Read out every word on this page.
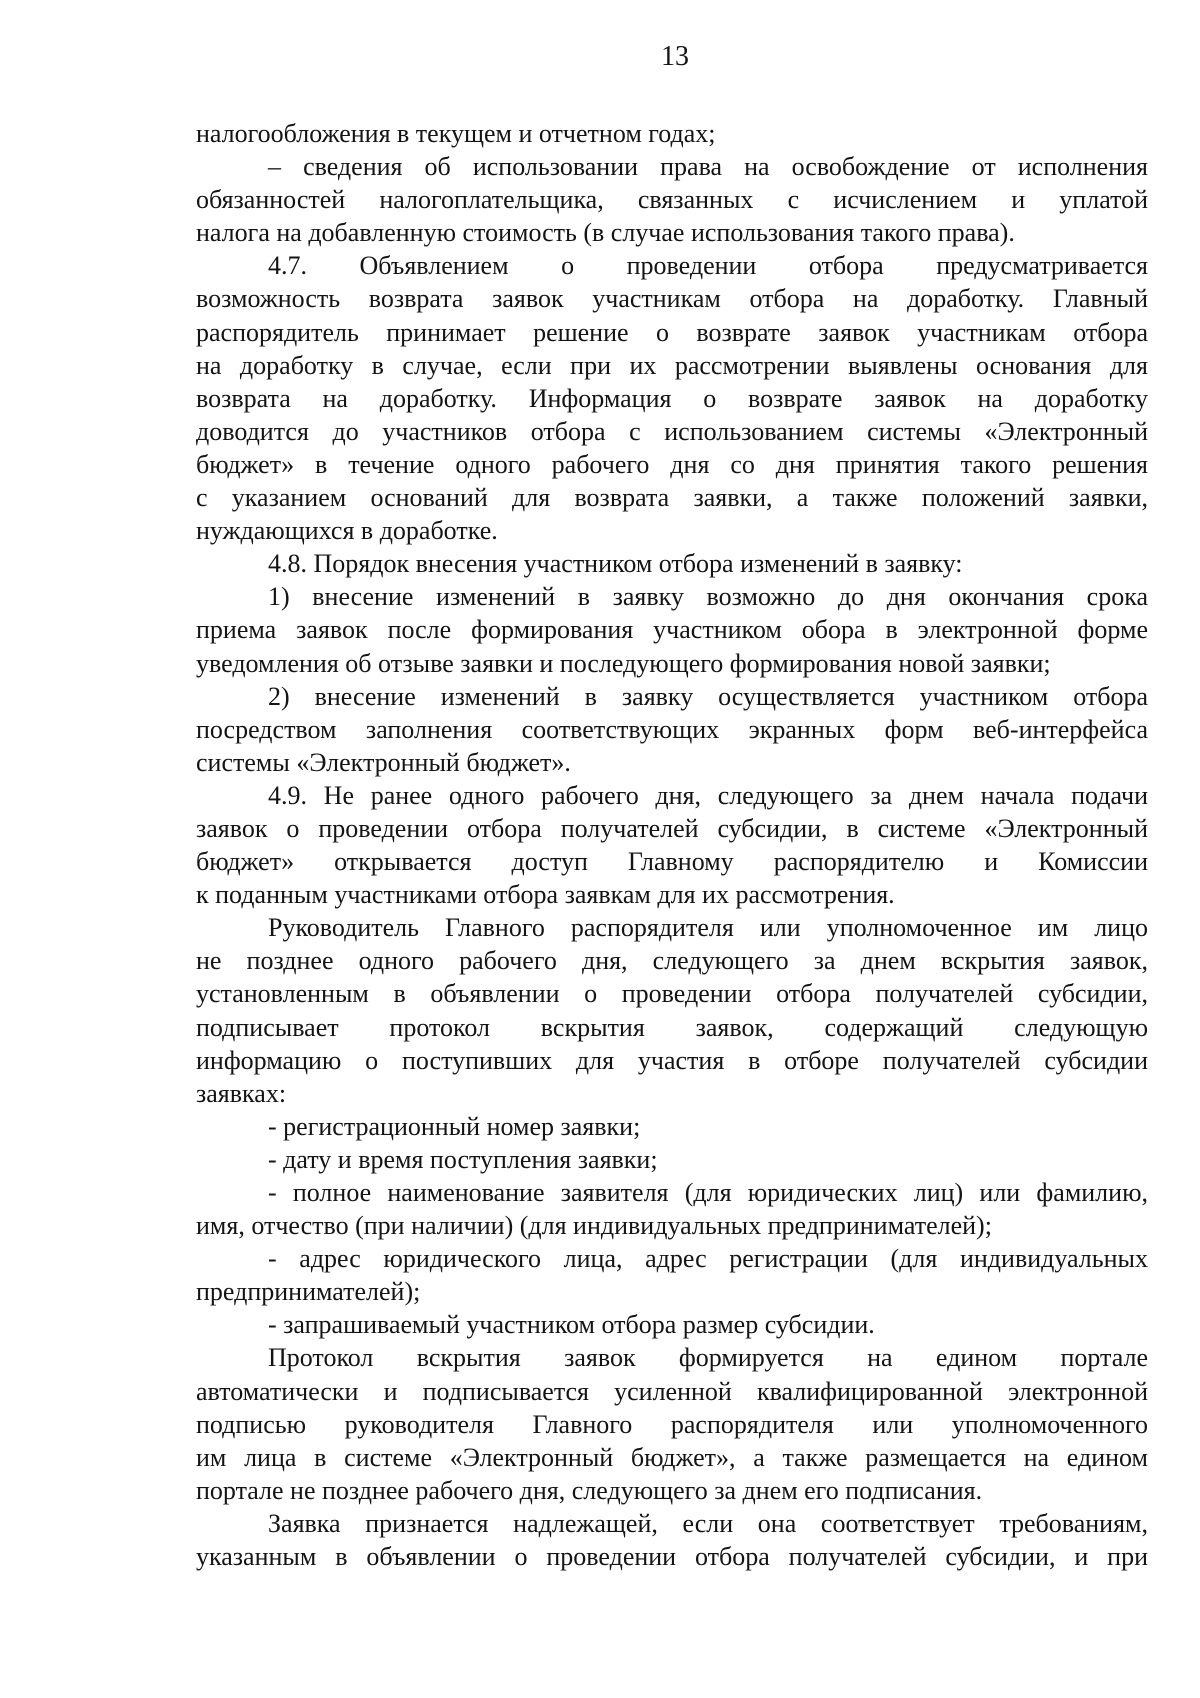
13

налогообложения в текущем и отчетном годах;

– сведения об использовании права на освобождение от исполнения

обязанностей налогоплательщика, связанных с исчислением и уплатой

налога на добавленную стоимость (в случае использования такого права).

4.7. Объявлением о проведении отбора предусматривается

возможность возврата заявок участникам отбора на доработку. Главный

распорядитель принимает решение о возврате заявок участникам отбора

на доработку в случае, если при их рассмотрении выявлены основания для

возврата на доработку. Информация о возврате заявок на доработку

доводится до участников отбора с использованием системы «Электронный

бюджет» в течение одного рабочего дня со дня принятия такого решения

с указанием оснований для возврата заявки, а также положений заявки,

нуждающихся в доработке.

4.8. Порядок внесения участником отбора изменений в заявку:

1) внесение изменений в заявку возможно до дня окончания срока

приема заявок после формирования участником обора в электронной форме

уведомления об отзыве заявки и последующего формирования новой заявки;

2) внесение изменений в заявку осуществляется участником отбора

посредством заполнения соответствующих экранных форм веб-интерфейса

системы «Электронный бюджет».

4.9. Не ранее одного рабочего дня, следующего за днем начала подачи

заявок о проведении отбора получателей субсидии, в системе «Электронный

бюджет» открывается доступ Главному распорядителю и Комиссии

к поданным участниками отбора заявкам для их рассмотрения.

Руководитель Главного распорядителя или уполномоченное им лицо

не позднее одного рабочего дня, следующего за днем вскрытия заявок,

установленным в объявлении о проведении отбора получателей субсидии,

подписывает протокол вскрытия заявок, содержащий следующую

информацию о поступивших для участия в отборе получателей субсидии

заявках:

- регистрационный номер заявки;

- дату и время поступления заявки;

- полное наименование заявителя (для юридических лиц) или фамилию,

имя, отчество (при наличии) (для индивидуальных предпринимателей);

- адрес юридического лица, адрес регистрации (для индивидуальных

предпринимателей);

- запрашиваемый участником отбора размер субсидии.

Протокол вскрытия заявок формируется на едином портале

автоматически и подписывается усиленной квалифицированной электронной

подписью руководителя Главного распорядителя или уполномоченного

им лица в системе «Электронный бюджет», а также размещается на едином

портале не позднее рабочего дня, следующего за днем его подписания.

Заявка признается надлежащей, если она соответствует требованиям,

указанным в объявлении о проведении отбора получателей субсидии, и при
